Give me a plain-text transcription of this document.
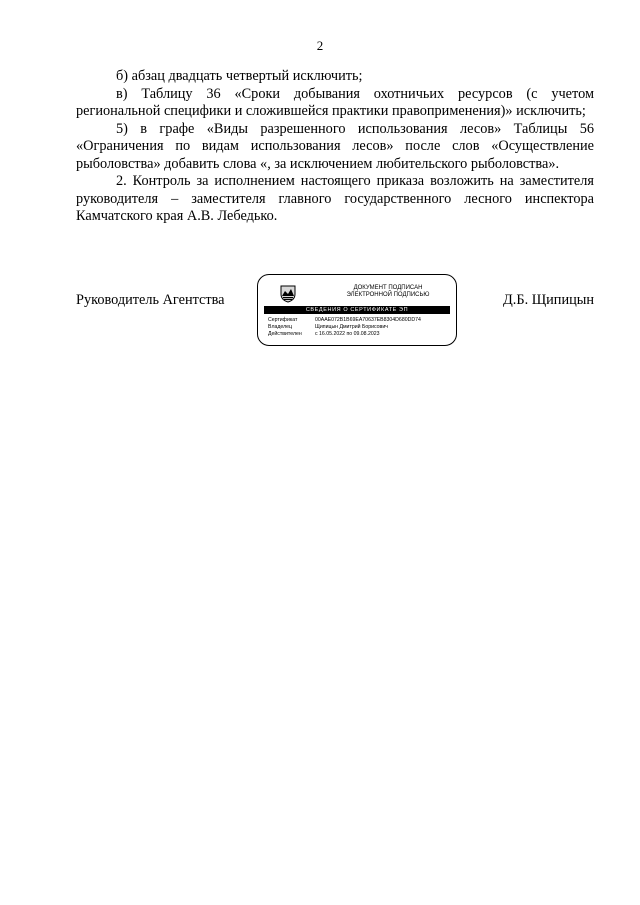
2

б) абзац двадцать четвертый исключить;

в) Таблицу 36 «Сроки добывания охотничьих ресурсов (с учетом региональной специфики и сложившейся практики правоприменения)» исключить;

5) в графе «Виды разрешенного использования лесов» Таблицы 56 «Ограничения по видам использования лесов» после слов «Осуществление рыболовства» добавить слова «, за исключением любительского рыболовства».

2. Контроль за исполнением настоящего приказа возложить на заместителя руководителя – заместителя главного государственного лесного инспектора Камчатского края А.В. Лебедько.

Руководитель Агентства
ДОКУМЕНТ ПОДПИСАН
ЭЛЕКТРОННОЙ ПОДПИСЬЮ
СВЕДЕНИЯ О СЕРТИФИКАТЕ ЭП
Сертификат	00AAE072B1B69EA70637EB8304D680DD74
Владелец	Щипицын Дмитрий Борисович
Действителен	с 16.05.2022 по 09.08.2023
Д.Б. Щипицын
